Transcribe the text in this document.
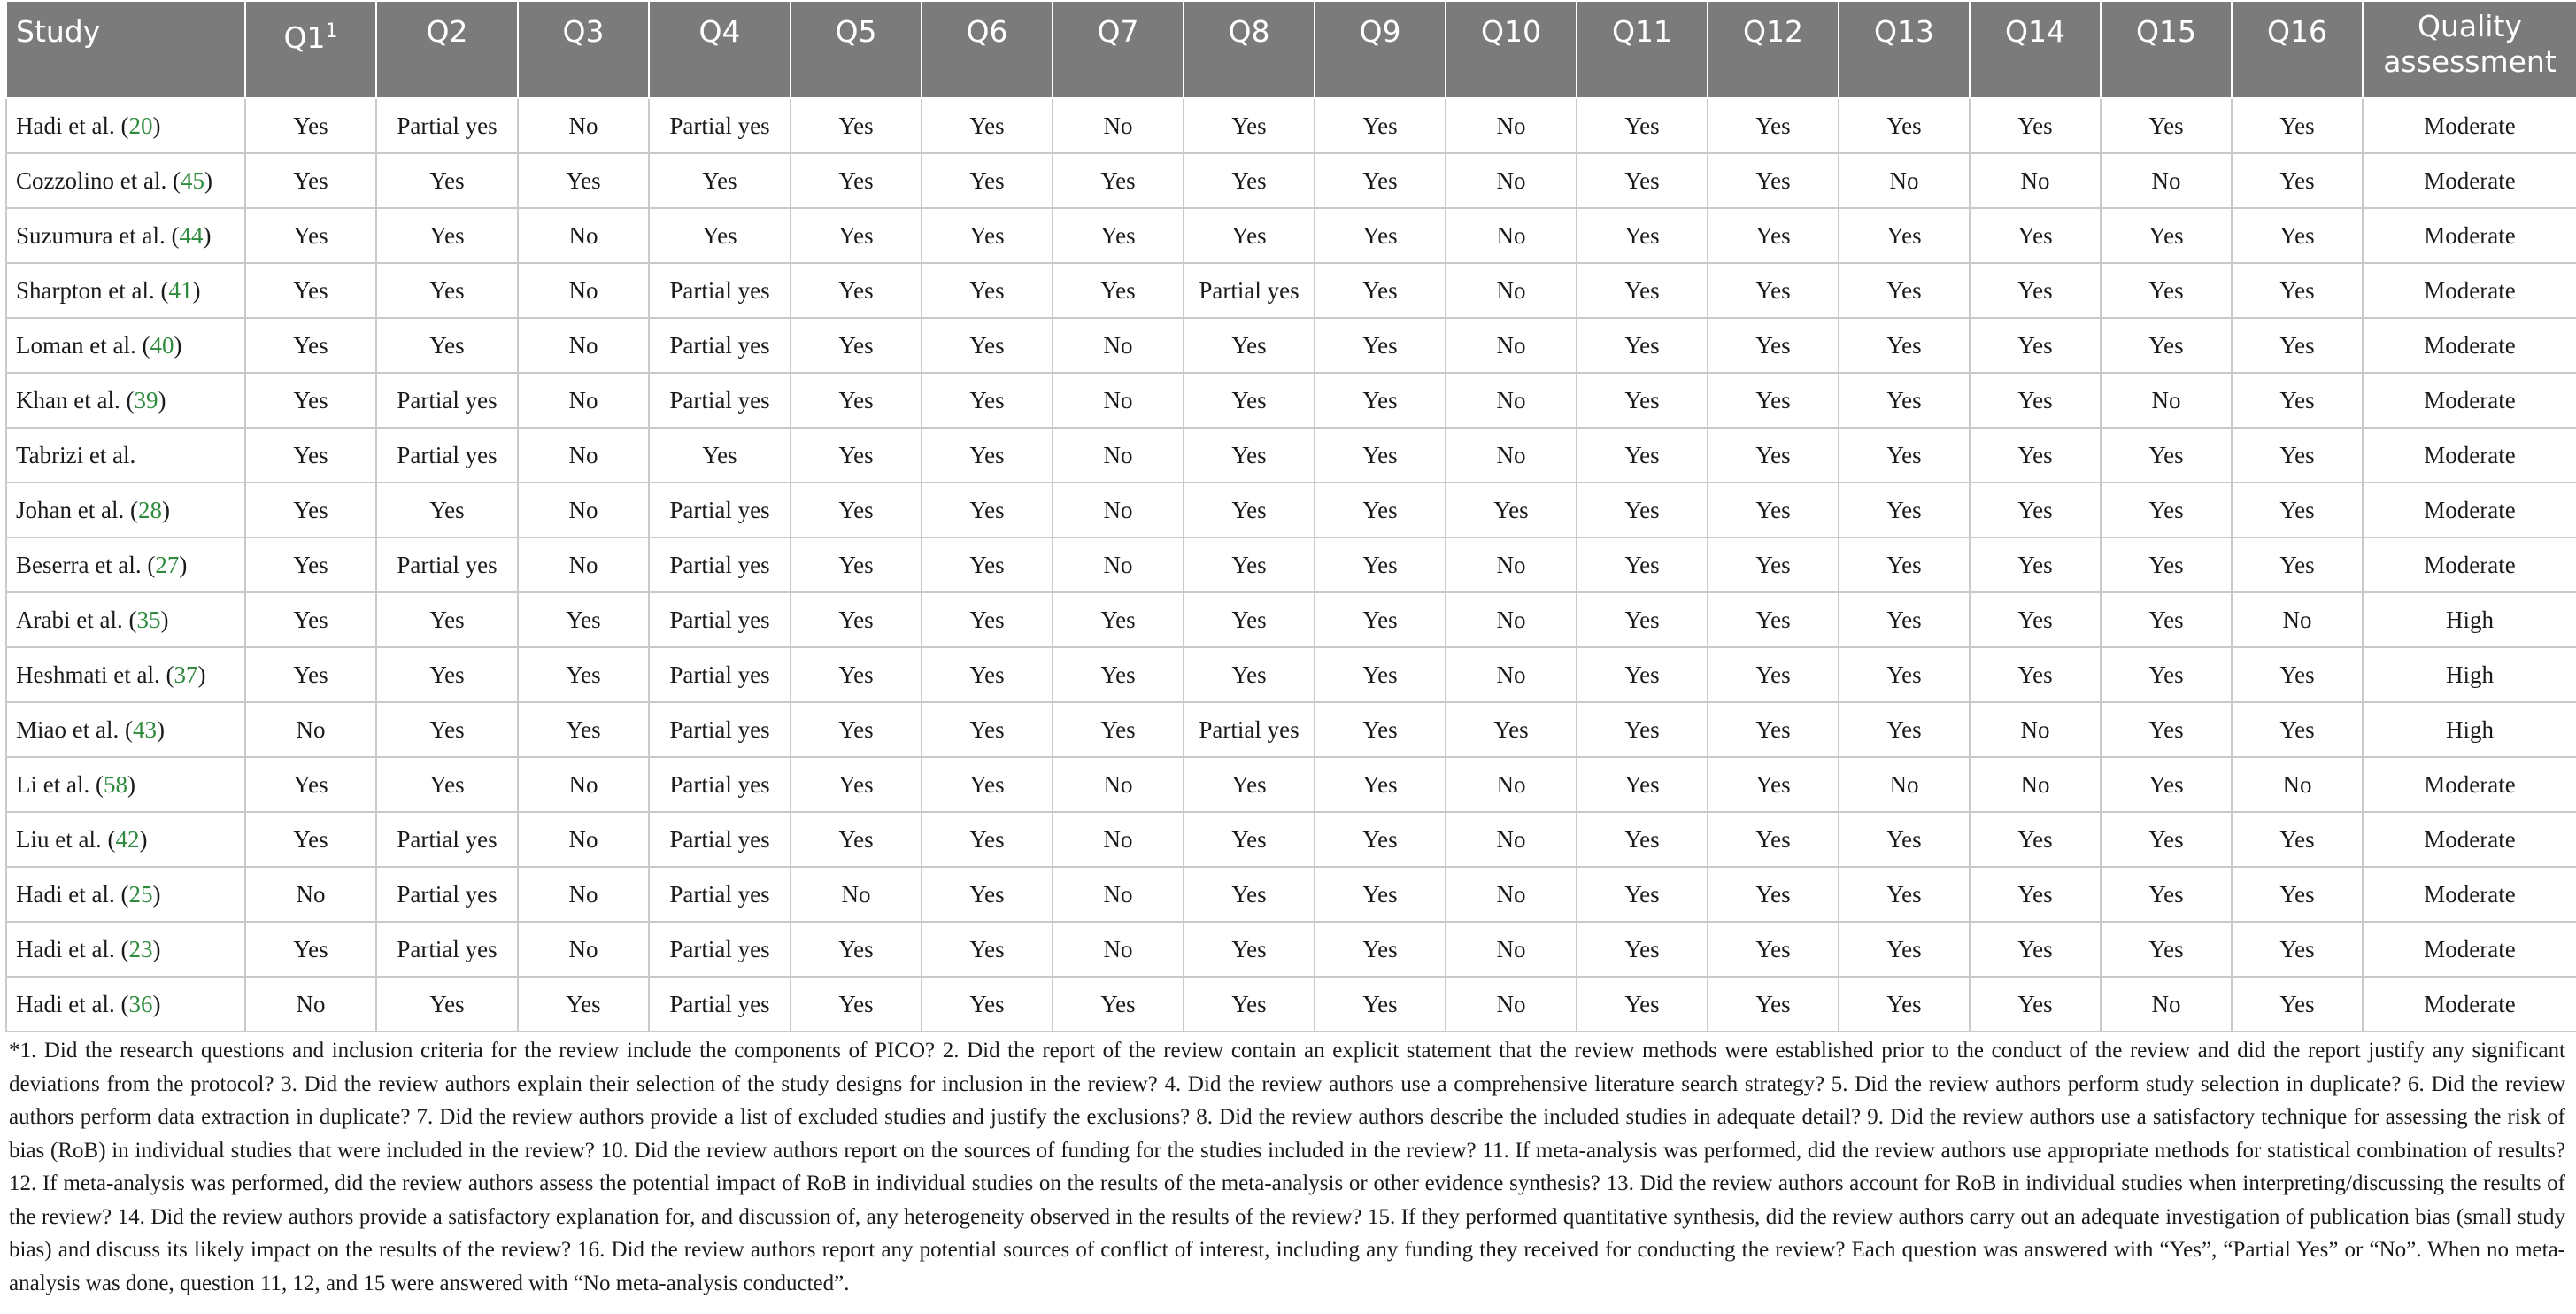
Study	$Q1^1$	Q2	Q3	Q4	Q5	Q6	Q7	Q8	Q9	Q10	Q11	Q12	Q13	Q14	Q15	Q16	Quality assessment

Hadi et al. (20)	Yes	Partial yes	No	Partial yes	Yes	Yes	No	Yes	Yes	No	Yes	Yes	Yes	Yes	Yes	Yes	Moderate
Cozzolino et al. (45)	Yes	Yes	Yes	Yes	Yes	Yes	Yes	Yes	Yes	No	Yes	Yes	No	No	No	Yes	Moderate
Suzumura et al. (44)	Yes	Yes	No	Yes	Yes	Yes	Yes	Yes	Yes	No	Yes	Yes	Yes	Yes	Yes	Yes	Moderate
Sharpton et al. (41)	Yes	Yes	No	Partial yes	Yes	Yes	Yes	Partial yes	Yes	No	Yes	Yes	Yes	Yes	Yes	Yes	Moderate
Loman et al. (40)	Yes	Yes	No	Partial yes	Yes	Yes	No	Yes	Yes	No	Yes	Yes	Yes	Yes	Yes	Yes	Moderate
Khan et al. (39)	Yes	Partial yes	No	Partial yes	Yes	Yes	No	Yes	Yes	No	Yes	Yes	Yes	Yes	No	Yes	Moderate
Tabrizi et al.	Yes	Partial yes	No	Yes	Yes	Yes	No	Yes	Yes	No	Yes	Yes	Yes	Yes	Yes	Yes	Moderate
Johan et al. (28)	Yes	Yes	No	Partial yes	Yes	Yes	No	Yes	Yes	Yes	Yes	Yes	Yes	Yes	Yes	Yes	Moderate
Beserra et al. (27)	Yes	Partial yes	No	Partial yes	Yes	Yes	No	Yes	Yes	No	Yes	Yes	Yes	Yes	Yes	Yes	Moderate
Arabi et al. (35)	Yes	Yes	Yes	Partial yes	Yes	Yes	Yes	Yes	Yes	No	Yes	Yes	Yes	Yes	Yes	No	High
Heshmati et al. (37)	Yes	Yes	Yes	Partial yes	Yes	Yes	Yes	Yes	Yes	No	Yes	Yes	Yes	Yes	Yes	Yes	High
Miao et al. (43)	No	Yes	Yes	Partial yes	Yes	Yes	Yes	Partial yes	Yes	Yes	Yes	Yes	Yes	No	Yes	Yes	High
Li et al. (58)	Yes	Yes	No	Partial yes	Yes	Yes	No	Yes	Yes	No	Yes	Yes	No	No	Yes	No	Moderate
Liu et al. (42)	Yes	Partial yes	No	Partial yes	Yes	Yes	No	Yes	Yes	No	Yes	Yes	Yes	Yes	Yes	Yes	Moderate
Hadi et al. (25)	No	Partial yes	No	Partial yes	No	Yes	No	Yes	Yes	No	Yes	Yes	Yes	Yes	Yes	Yes	Moderate
Hadi et al. (23)	Yes	Partial yes	No	Partial yes	Yes	Yes	No	Yes	Yes	No	Yes	Yes	Yes	Yes	Yes	Yes	Moderate
Hadi et al. (36)	No	Yes	Yes	Partial yes	Yes	Yes	Yes	Yes	Yes	No	Yes	Yes	Yes	Yes	No	Yes	Moderate

*1. Did the research questions and inclusion criteria for the review include the components of PICO? 2. Did the report of the review contain an explicit statement that the review methods were established prior to the conduct of the review and did the report justify any significant deviations from the protocol? 3. Did the review authors explain their selection of the study designs for inclusion in the review? 4. Did the review authors use a comprehensive literature search strategy? 5. Did the review authors perform study selection in duplicate? 6. Did the review authors perform data extraction in duplicate? 7. Did the review authors provide a list of excluded studies and justify the exclusions? 8. Did the review authors describe the included studies in adequate detail? 9. Did the review authors use a satisfactory technique for assessing the risk of bias (RoB) in individual studies that were included in the review? 10. Did the review authors report on the sources of funding for the studies included in the review? 11. If meta-analysis was performed, did the review authors use appropriate methods for statistical combination of results? 12. If meta-analysis was performed, did the review authors assess the potential impact of RoB in individual studies on the results of the meta-analysis or other evidence synthesis? 13. Did the review authors account for RoB in individual studies when interpreting/discussing the results of the review? 14. Did the review authors provide a satisfactory explanation for, and discussion of, any heterogeneity observed in the results of the review? 15. If they performed quantitative synthesis, did the review authors carry out an adequate investigation of publication bias (small study bias) and discuss its likely impact on the results of the review? 16. Did the review authors report any potential sources of conflict of interest, including any funding they received for conducting the review? Each question was answered with “Yes”, “Partial Yes” or “No”. When no meta-analysis was done, question 11, 12, and 15 were answered with “No meta-analysis conducted”.
